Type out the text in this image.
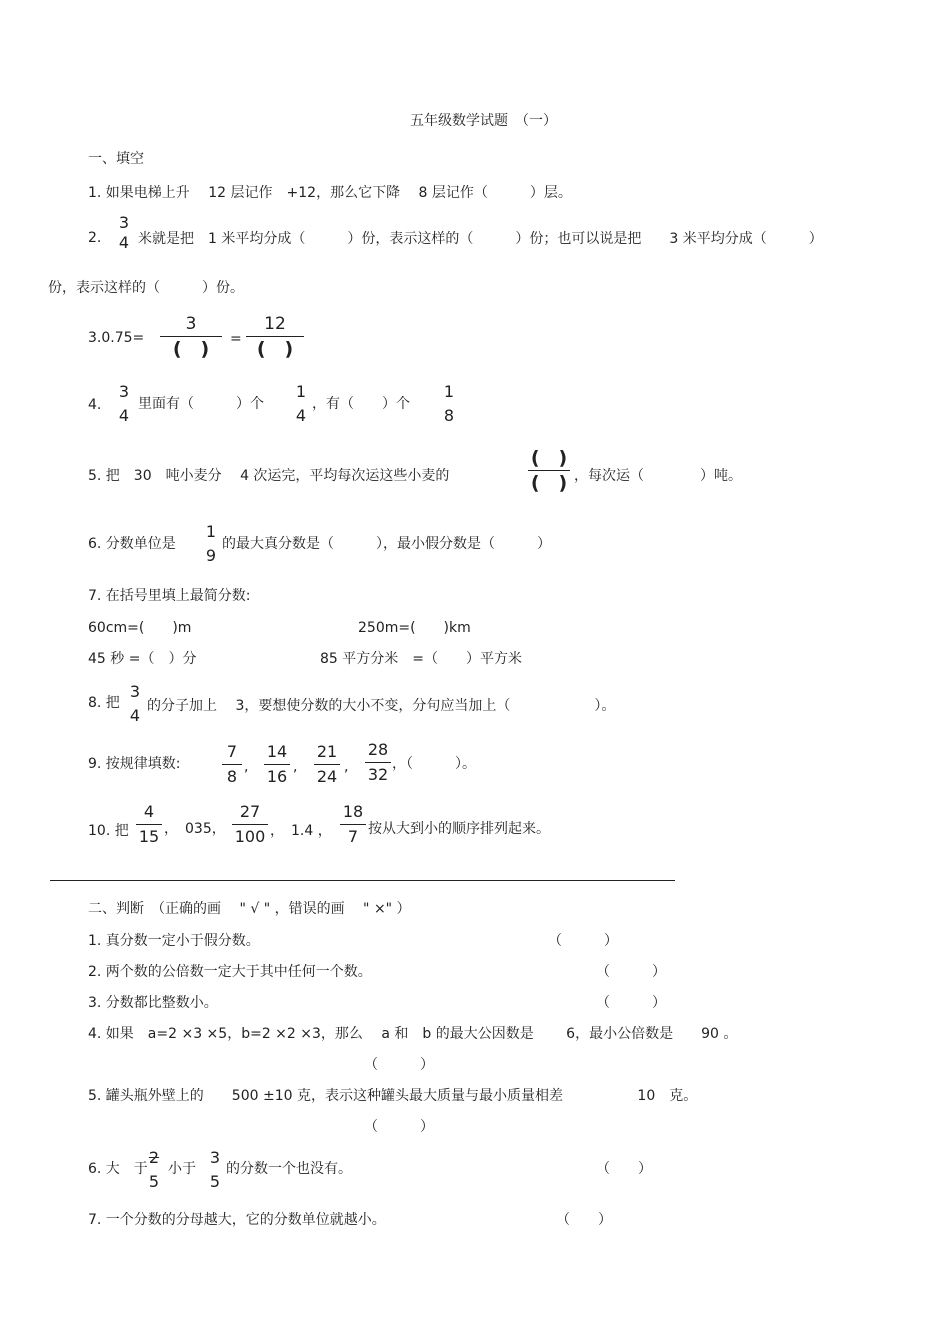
五年级数学试题　（一）
一、填空
1. 如果电梯上升　 12 层记作　+12，那么它下降　 8 层记作（　　　）层。
2.
3
4 米就是把　1 米平均分成（　　　）份，表示这样的（　　　）份；也可以说是把　　3 米平均分成（　　　）
份，表示这样的（　　　）份。
3.0.75=
3
(　)	=
12
(　)
4.
3
4
里面有（　　　）个
1
4
，有（　　）个
1
8
5. 把　30　吨小麦分　 4 次运完，平均每次运这些小麦的
(　)
(　) ，每次运（　　　　）吨。
6. 分数单位是
1
9
的最大真分数是（　　　），最小假分数是（　　　）
7. 在括号里填上最简分数:
60cm=(　　)m	250m=(　　)km
45 秒 =（　）分	85 平方分米　=（　　）平方米
8. 把
3
4 的分子加上　 3，要想使分数的大小不变，分句应当加上（　　　　　　）。
9. 按规律填数:
7
8 ,
14
16 ,
21
24 ,
28
32
，（　　　）。
10. 把
4
15 ，　035，
27
100 ，　1.4 ，
18
7 按从大到小的顺序排列起来。
二、判断　（正确的画　 " √ " ，错误的画　 " ×" ）
1. 真分数一定小于假分数。	（　　　）
2. 两个数的公倍数一定大于其中任何一个数。	（　　　）
3. 分数都比整数小。	（　　　）
4. 如果　a=2 ×3 ×5，b=2 ×2 ×3，那么　 a 和　b 的最大公因数是　　 6，最小公倍数是　　90 。
（　　　）
5. 罐头瓶外壁上的　　500 ±10 克，表示这种罐头最大质量与最小质量相差　　　　　 10　克。
（　　　）
6. 大　于
2
5
小于
3
5
的分数一个也没有。	（　　）
7. 一个分数的分母越大，它的分数单位就越小。	（　　）
